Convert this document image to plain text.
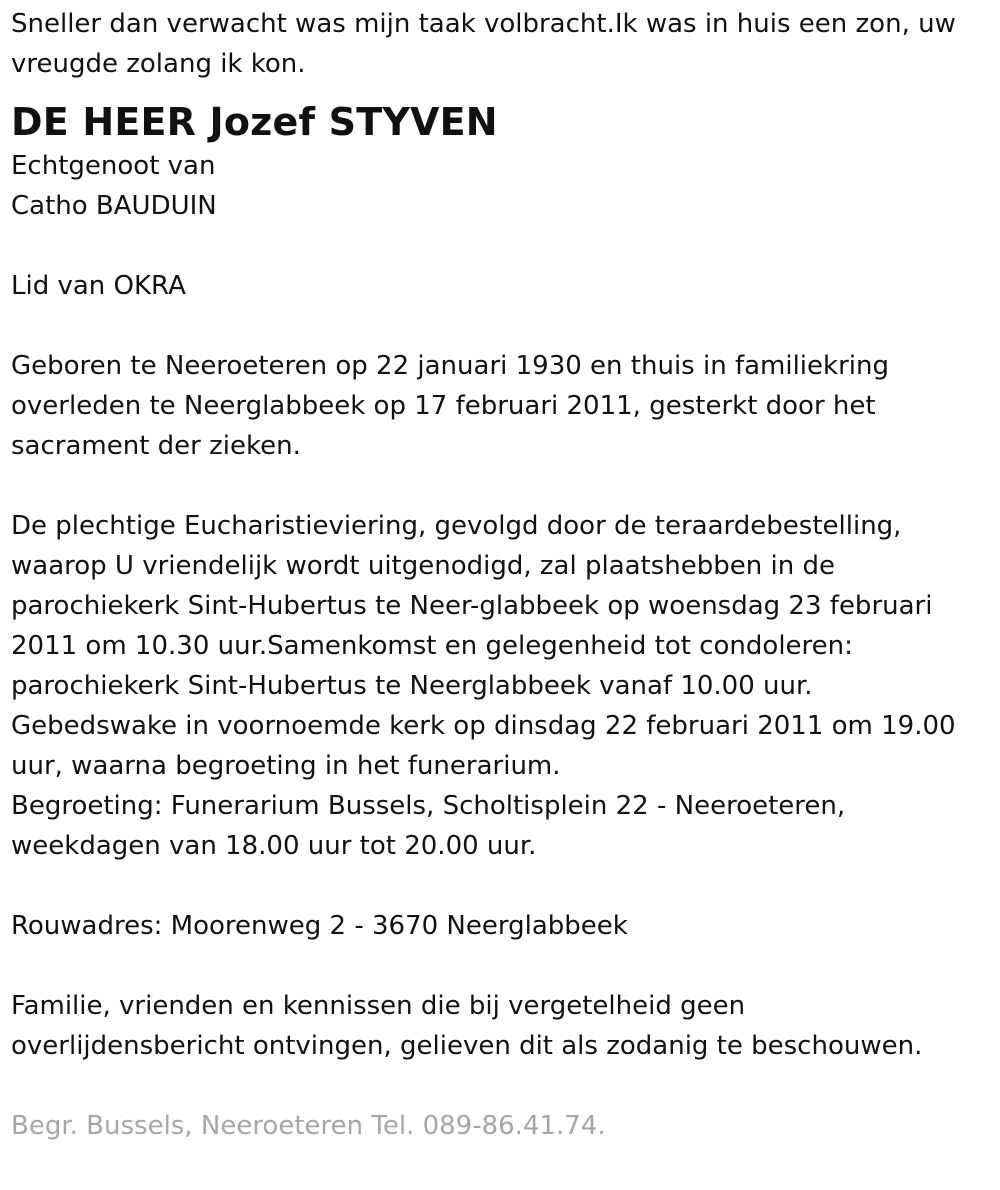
Sneller dan verwacht was mijn taak volbracht.Ik was in huis een zon, uw

vreugde zolang ik kon.

DE HEER Jozef STYVEN

Echtgenoot van

Catho BAUDUIN

Lid van OKRA

Geboren te Neeroeteren op 22 januari 1930 en thuis in familiekring

overleden te Neerglabbeek op 17 februari 2011, gesterkt door het

sacrament der zieken.

De plechtige Eucharistieviering, gevolgd door de teraardebestelling,

waarop U vriendelijk wordt uitgenodigd, zal plaatshebben in de

parochiekerk Sint-Hubertus te Neer-glabbeek op woensdag 23 februari

2011 om 10.30 uur.Samenkomst en gelegenheid tot condoleren:

parochiekerk Sint-Hubertus te Neerglabbeek vanaf 10.00 uur.

Gebedswake in voornoemde kerk op dinsdag 22 februari 2011 om 19.00

uur, waarna begroeting in het funerarium.

Begroeting: Funerarium Bussels, Scholtisplein 22 - Neeroeteren,

weekdagen van 18.00 uur tot 20.00 uur.

Rouwadres: Moorenweg 2 - 3670 Neerglabbeek

Familie, vrienden en kennissen die bij vergetelheid geen

overlijdensbericht ontvingen, gelieven dit als zodanig te beschouwen.

Begr. Bussels, Neeroeteren Tel. 089-86.41.74.
